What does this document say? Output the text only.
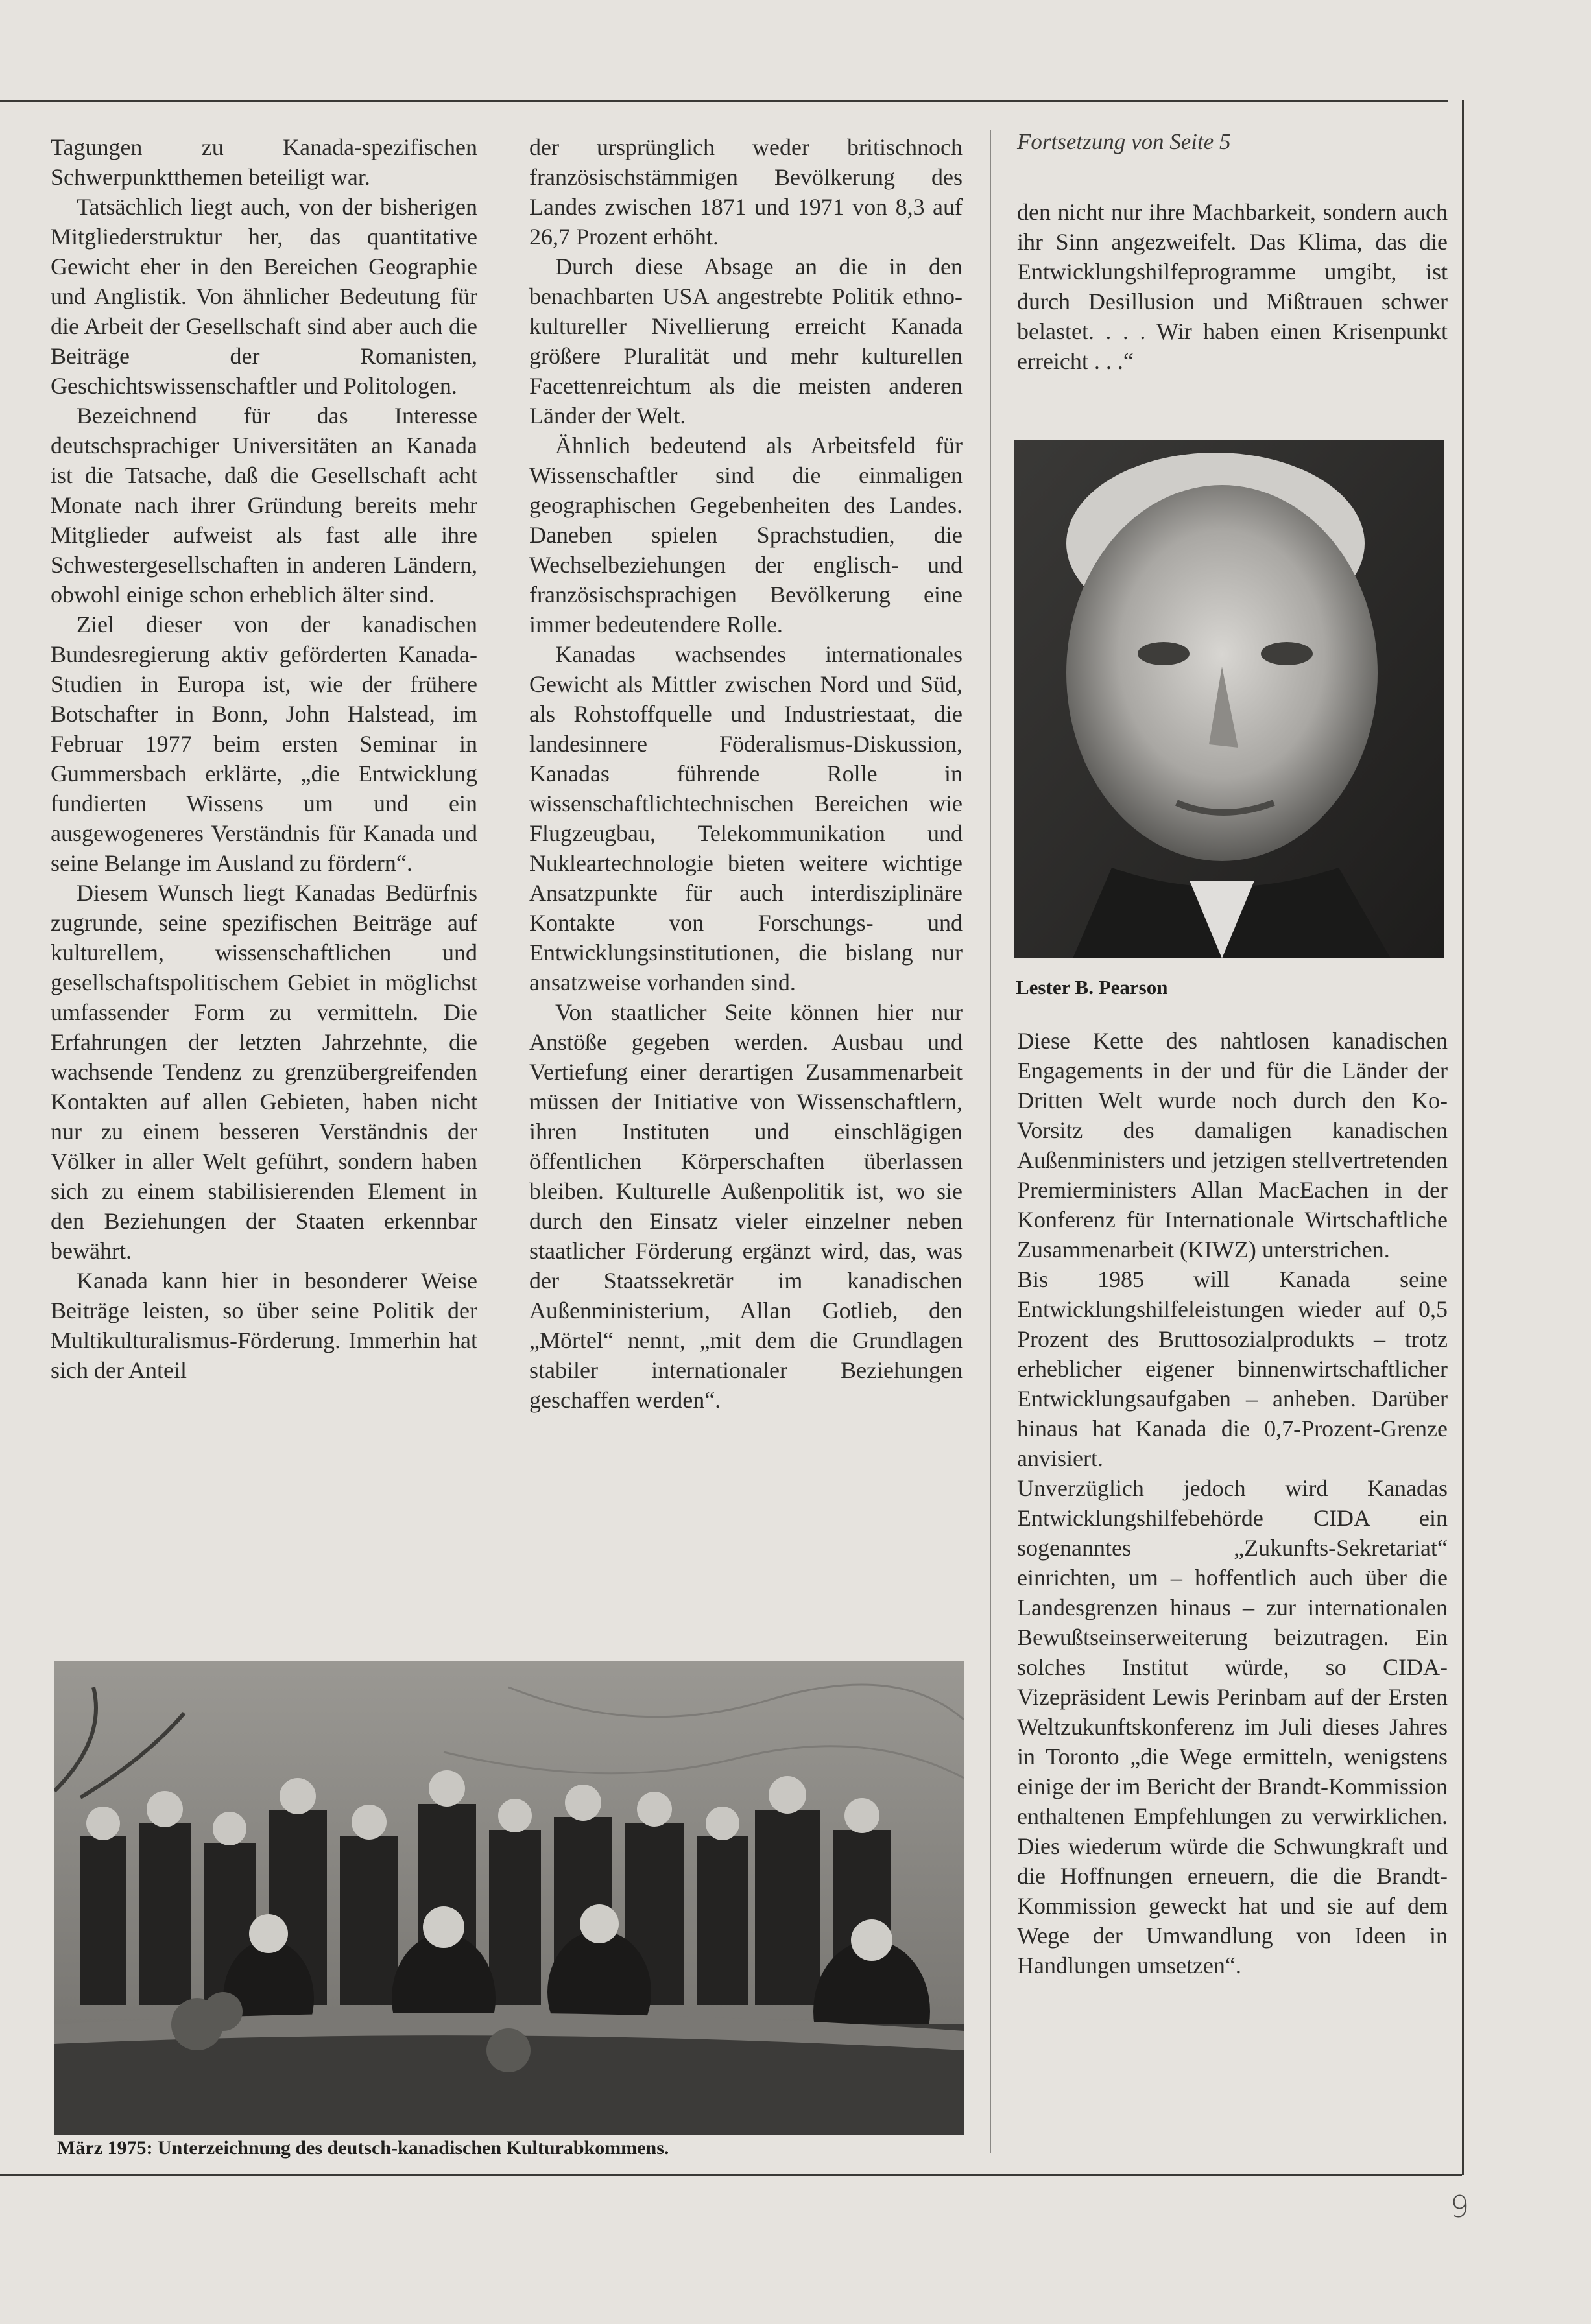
Tagungen zu Kanada-spezifischen Schwerpunktthemen beteiligt war.

Tatsächlich liegt auch, von der bisherigen Mitgliederstruktur her, das quantitative Gewicht eher in den Bereichen Geographie und Anglistik. Von ähnlicher Bedeutung für die Arbeit der Gesellschaft sind aber auch die Beiträge der Romanisten, Geschichtswissenschaftler und Politologen.

Bezeichnend für das Interesse deutschsprachiger Universitäten an Kanada ist die Tatsache, daß die Gesellschaft acht Monate nach ihrer Gründung bereits mehr Mitglieder aufweist als fast alle ihre Schwestergesellschaften in anderen Ländern, obwohl einige schon erheblich älter sind.

Ziel dieser von der kanadischen Bundesregierung aktiv geförderten Kanada-Studien in Europa ist, wie der frühere Botschafter in Bonn, John Halstead, im Februar 1977 beim ersten Seminar in Gummersbach erklärte, „die Entwicklung fundierten Wissens um und ein ausgewogeneres Verständnis für Kanada und seine Belange im Ausland zu fördern“.

Diesem Wunsch liegt Kanadas Bedürfnis zugrunde, seine spezifischen Beiträge auf kulturellem, wissenschaftlichen und gesellschaftspolitischem Gebiet in möglichst umfassender Form zu vermitteln. Die Erfahrungen der letzten Jahrzehnte, die wachsende Tendenz zu grenzübergreifenden Kontakten auf allen Gebieten, haben nicht nur zu einem besseren Verständnis der Völker in aller Welt geführt, sondern haben sich zu einem stabilisierenden Element in den Beziehungen der Staaten erkennbar bewährt.

Kanada kann hier in besonderer Weise Beiträge leisten, so über seine Politik der Multikulturalismus-Förderung. Immerhin hat sich der Anteil

der ursprünglich weder britischnoch französischstämmigen Bevölkerung des Landes zwischen 1871 und 1971 von 8,3 auf 26,7 Prozent erhöht.

Durch diese Absage an die in den benachbarten USA angestrebte Politik ethno-kultureller Nivellierung erreicht Kanada größere Pluralität und mehr kulturellen Facettenreichtum als die meisten anderen Länder der Welt.

Ähnlich bedeutend als Arbeitsfeld für Wissenschaftler sind die einmaligen geographischen Gegebenheiten des Landes. Daneben spielen Sprachstudien, die Wechselbeziehungen der englisch- und französischsprachigen Bevölkerung eine immer bedeutendere Rolle.

Kanadas wachsendes internationales Gewicht als Mittler zwischen Nord und Süd, als Rohstoffquelle und Industriestaat, die landesinnere Föderalismus-Diskussion, Kanadas führende Rolle in wissenschaftlichtechnischen Bereichen wie Flugzeugbau, Telekommunikation und Nukleartechnologie bieten weitere wichtige Ansatzpunkte für auch interdisziplinäre Kontakte von Forschungs- und Entwicklungsinstitutionen, die bislang nur ansatzweise vorhanden sind.

Von staatlicher Seite können hier nur Anstöße gegeben werden. Ausbau und Vertiefung einer derartigen Zusammenarbeit müssen der Initiative von Wissenschaftlern, ihren Instituten und einschlägigen öffentlichen Körperschaften überlassen bleiben. Kulturelle Außenpolitik ist, wo sie durch den Einsatz vieler einzelner neben staatlicher Förderung ergänzt wird, das, was der Staatssekretär im kanadischen Außenministerium, Allan Gotlieb, den „Mörtel“ nennt, „mit dem die Grundlagen stabiler internationaler Beziehungen geschaffen werden“.

Fortsetzung von Seite 5

den nicht nur ihre Machbarkeit, sondern auch ihr Sinn angezweifelt. Das Klima, das die Entwicklungshilfeprogramme umgibt, ist durch Desillusion und Mißtrauen schwer belastet. . . . Wir haben einen Krisenpunkt erreicht . . .“

Lester B. Pearson

Diese Kette des nahtlosen kanadischen Engagements in der und für die Länder der Dritten Welt wurde noch durch den Ko-Vorsitz des damaligen kanadischen Außenministers und jetzigen stellvertretenden Premierministers Allan MacEachen in der Konferenz für Internationale Wirtschaftliche Zusammenarbeit (KIWZ) unterstrichen.

Bis 1985 will Kanada seine Entwicklungshilfeleistungen wieder auf 0,5 Prozent des Bruttosozialprodukts – trotz erheblicher eigener binnenwirtschaftlicher Entwicklungsaufgaben – anheben. Darüber hinaus hat Kanada die 0,7-Prozent-Grenze anvisiert.

Unverzüglich jedoch wird Kanadas Entwicklungshilfebehörde CIDA ein sogenanntes „Zukunfts-Sekretariat“ einrichten, um – hoffentlich auch über die Landesgrenzen hinaus – zur internationalen Bewußtseinserweiterung beizutragen. Ein solches Institut würde, so CIDA-Vizepräsident Lewis Perinbam auf der Ersten Weltzukunftskonferenz im Juli dieses Jahres in Toronto „die Wege ermitteln, wenigstens einige der im Bericht der Brandt-Kommission enthaltenen Empfehlungen zu verwirklichen. Dies wiederum würde die Schwungkraft und die Hoffnungen erneuern, die die Brandt-Kommission geweckt hat und sie auf dem Wege der Umwandlung von Ideen in Handlungen umsetzen“.

März 1975: Unterzeichnung des deutsch-kanadischen Kulturabkommens.
9
